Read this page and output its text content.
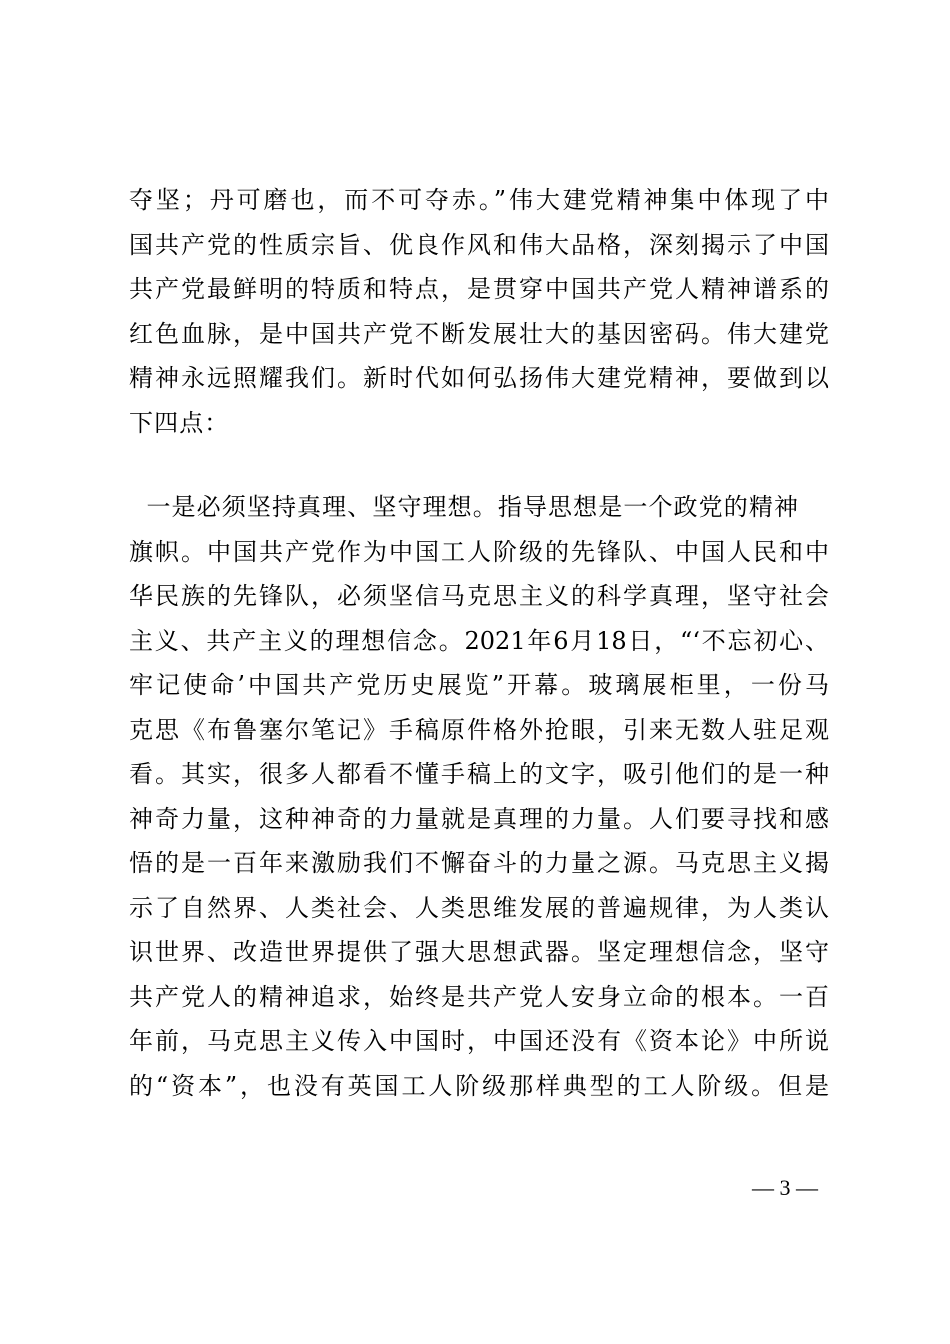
夺坚；丹可磨也，而不可夺赤。”伟大建党精神集中体现了中
国共产党的性质宗旨、优良作风和伟大品格，深刻揭示了中国
共产党最鲜明的特质和特点，是贯穿中国共产党人精神谱系的
红色血脉，是中国共产党不断发展壮大的基因密码。伟大建党
精神永远照耀我们。新时代如何弘扬伟大建党精神，要做到以
下四点：
一是必须坚持真理、坚守理想。指导思想是一个政党的精神
旗帜。中国共产党作为中国工人阶级的先锋队、中国人民和中
华民族的先锋队，必须坚信马克思主义的科学真理，坚守社会
主义、共产主义的理想信念。2021年6月18日，“‘不忘初心、
牢记使命’中国共产党历史展览”开幕。玻璃展柜里，一份马
克思《布鲁塞尔笔记》手稿原件格外抢眼，引来无数人驻足观
看。其实，很多人都看不懂手稿上的文字，吸引他们的是一种
神奇力量，这种神奇的力量就是真理的力量。人们要寻找和感
悟的是一百年来激励我们不懈奋斗的力量之源。马克思主义揭
示了自然界、人类社会、人类思维发展的普遍规律，为人类认
识世界、改造世界提供了强大思想武器。坚定理想信念，坚守
共产党人的精神追求，始终是共产党人安身立命的根本。一百
年前，马克思主义传入中国时，中国还没有《资本论》中所说
的“资本”，也没有英国工人阶级那样典型的工人阶级。但是
— 3 —
